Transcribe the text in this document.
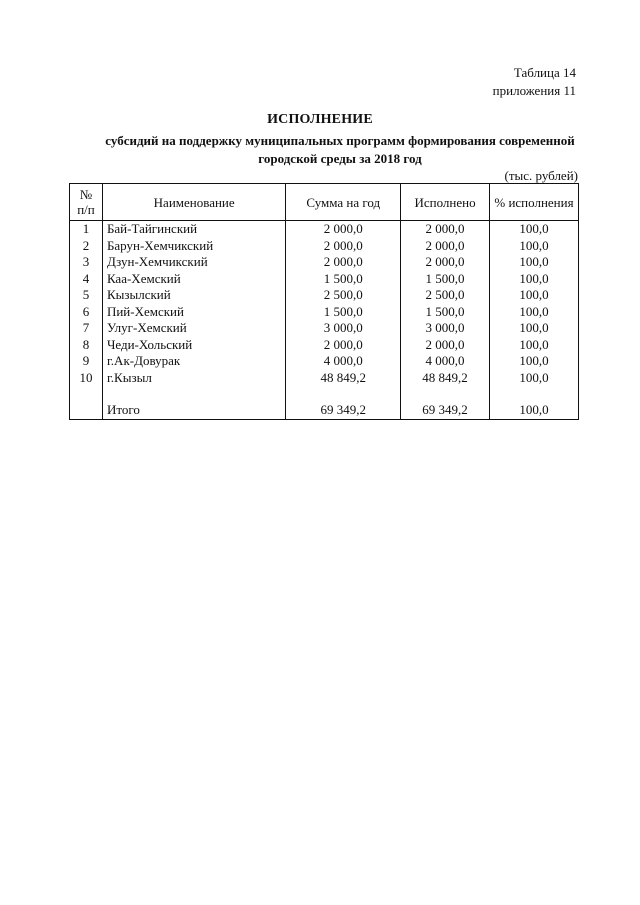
Таблица 14
приложения 11
ИСПОЛНЕНИЕ
субсидий на поддержку муниципальных программ формирования современной
городской среды за 2018 год
(тыс. рублей)
№
п/п	Наименование	Сумма на год	Исполнено	% исполнения
1	Бай-Тайгинский	2 000,0	2 000,0	100,0
2	Барун-Хемчикский	2 000,0	2 000,0	100,0
3	Дзун-Хемчикский	2 000,0	2 000,0	100,0
4	Каа-Хемский	1 500,0	1 500,0	100,0
5	Кызылский	2 500,0	2 500,0	100,0
6	Пий-Хемский	1 500,0	1 500,0	100,0
7	Улуг-Хемский	3 000,0	3 000,0	100,0
8	Чеди-Хольский	2 000,0	2 000,0	100,0
9	г.Ак-Довурак	4 000,0	4 000,0	100,0
10	г.Кызыл	48 849,2	48 849,2	100,0

	Итого	69 349,2	69 349,2	100,0
